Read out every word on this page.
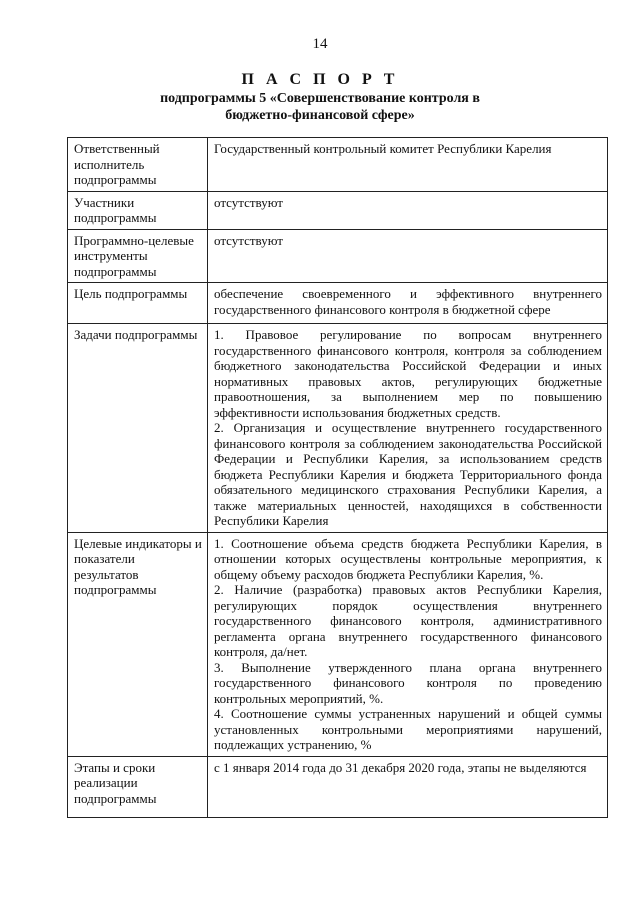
14
П А С П О Р Т
подпрограммы 5 «Совершенствование контроля в
бюджетно-финансовой сфере»
Ответственный исполнитель подпрограммы	Государственный контрольный комитет Республики Карелия

Участники подпрограммы	отсутствуют

Программно-целевые инструменты подпрограммы	отсутствуют

Цель подпрограммы	обеспечение своевременного и эффективного внутреннего государственного финансового контроля в бюджетной сфере

Задачи подпрограммы	1. Правовое регулирование по вопросам внутреннего государственного финансового контроля, контроля за соблюдением бюджетного законодательства Российской Федерации и иных нормативных правовых актов, регулирующих бюджетные правоотношения, за выполнением мер по повышению эффективности использования бюджетных средств.
2. Организация и осуществление внутреннего государственного финансового контроля за соблюдением законодательства Российской Федерации и Республики Карелия, за использованием средств бюджета Республики Карелия и бюджета Территориального фонда обязательного медицинского страхования Республики Карелия, а также материальных ценностей, находящихся в собственности Республики Карелия

Целевые индикаторы и показатели результатов подпрограммы	1. Соотношение объема средств бюджета Республики Карелия, в отношении которых осуществлены контрольные мероприятия, к общему объему расходов бюджета Республики Карелия, %.
2. Наличие (разработка) правовых актов Республики Карелия, регулирующих порядок осуществления внутреннего государственного финансового контроля, административного регламента органа внутреннего государственного финансового контроля, да/нет.
3. Выполнение утвержденного плана органа внутреннего государственного финансового контроля по проведению контрольных мероприятий, %.
4. Соотношение суммы устраненных нарушений и общей суммы установленных контрольными мероприятиями нарушений, подлежащих устранению, %

Этапы и сроки реализации подпрограммы	с 1 января 2014 года до 31 декабря 2020 года, этапы не выделяются
